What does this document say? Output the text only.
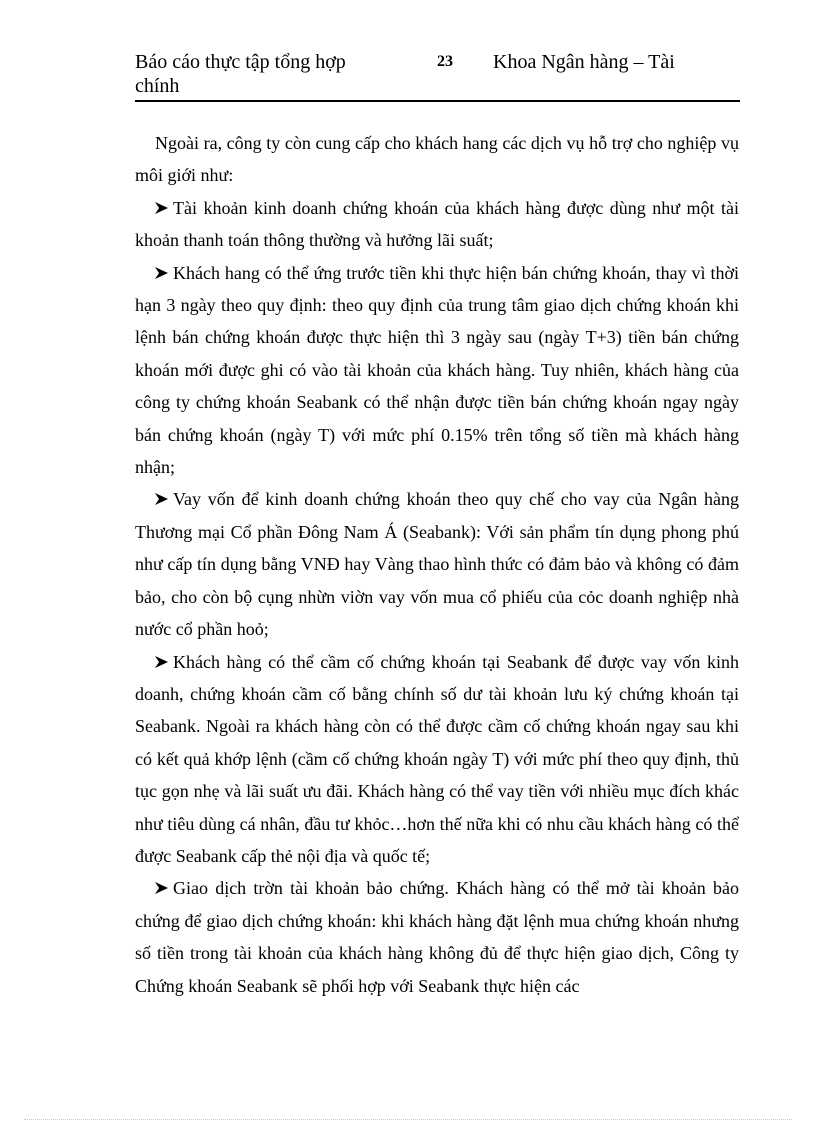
Báo cáo thực tập tổng hợp chính
23 Khoa Ngân hàng – Tài

Ngoài ra, công ty còn cung cấp cho khách hang các dịch vụ hỗ trợ cho nghiệp vụ môi giới như:

Tài khoản kinh doanh chứng khoán của khách hàng được dùng như một tài khoản thanh toán thông thường và hưởng lãi suất;

Khách hang có thể ứng trước tiền khi thực hiện bán chứng khoán, thay vì thời hạn 3 ngày theo quy định: theo quy định của trung tâm giao dịch chứng khoán khi lệnh bán chứng khoán được thực hiện thì 3 ngày sau (ngày T+3) tiền bán chứng khoán mới được ghi có vào tài khoản của khách hàng. Tuy nhiên, khách hàng của công ty chứng khoán Seabank có thể nhận được tiền bán chứng khoán ngay ngày bán chứng khoán (ngày T) với mức phí 0.15% trên tổng số tiền mà khách hàng nhận;

Vay vốn để kinh doanh chứng khoán theo quy chế cho vay của Ngân hàng Thương mại Cổ phần Đông Nam Á (Seabank): Với sản phẩm tín dụng phong phú như cấp tín dụng bằng VNĐ hay Vàng thao hình thức có đảm bảo và không có đảm bảo, cho còn bộ cụng nhừn viờn vay vốn mua cổ phiếu của cỏc doanh nghiệp nhà nước cổ phần hoỏ;

Khách hàng có thể cầm cố chứng khoán tại Seabank để được vay vốn kinh doanh, chứng khoán cầm cố bằng chính số dư tài khoản lưu ký chứng khoán tại Seabank. Ngoài ra khách hàng còn có thể được cầm cố chứng khoán ngay sau khi có kết quả khớp lệnh (cầm cố chứng khoán ngày T) với mức phí theo quy định, thủ tục gọn nhẹ và lãi suất ưu đãi. Khách hàng có thể vay tiền với nhiều mục đích khác như tiêu dùng cá nhân, đầu tư khỏc…hơn thế nữa khi có nhu cầu khách hàng có thể được Seabank cấp thẻ nội địa và quốc tế;

Giao dịch trờn tài khoản bảo chứng. Khách hàng có thể mở tài khoản bảo chứng để giao dịch chứng khoán: khi khách hàng đặt lệnh mua chứng khoán nhưng số tiền trong tài khoản của khách hàng không đủ để thực hiện giao dịch, Công ty Chứng khoán Seabank sẽ phối hợp với Seabank thực hiện các
